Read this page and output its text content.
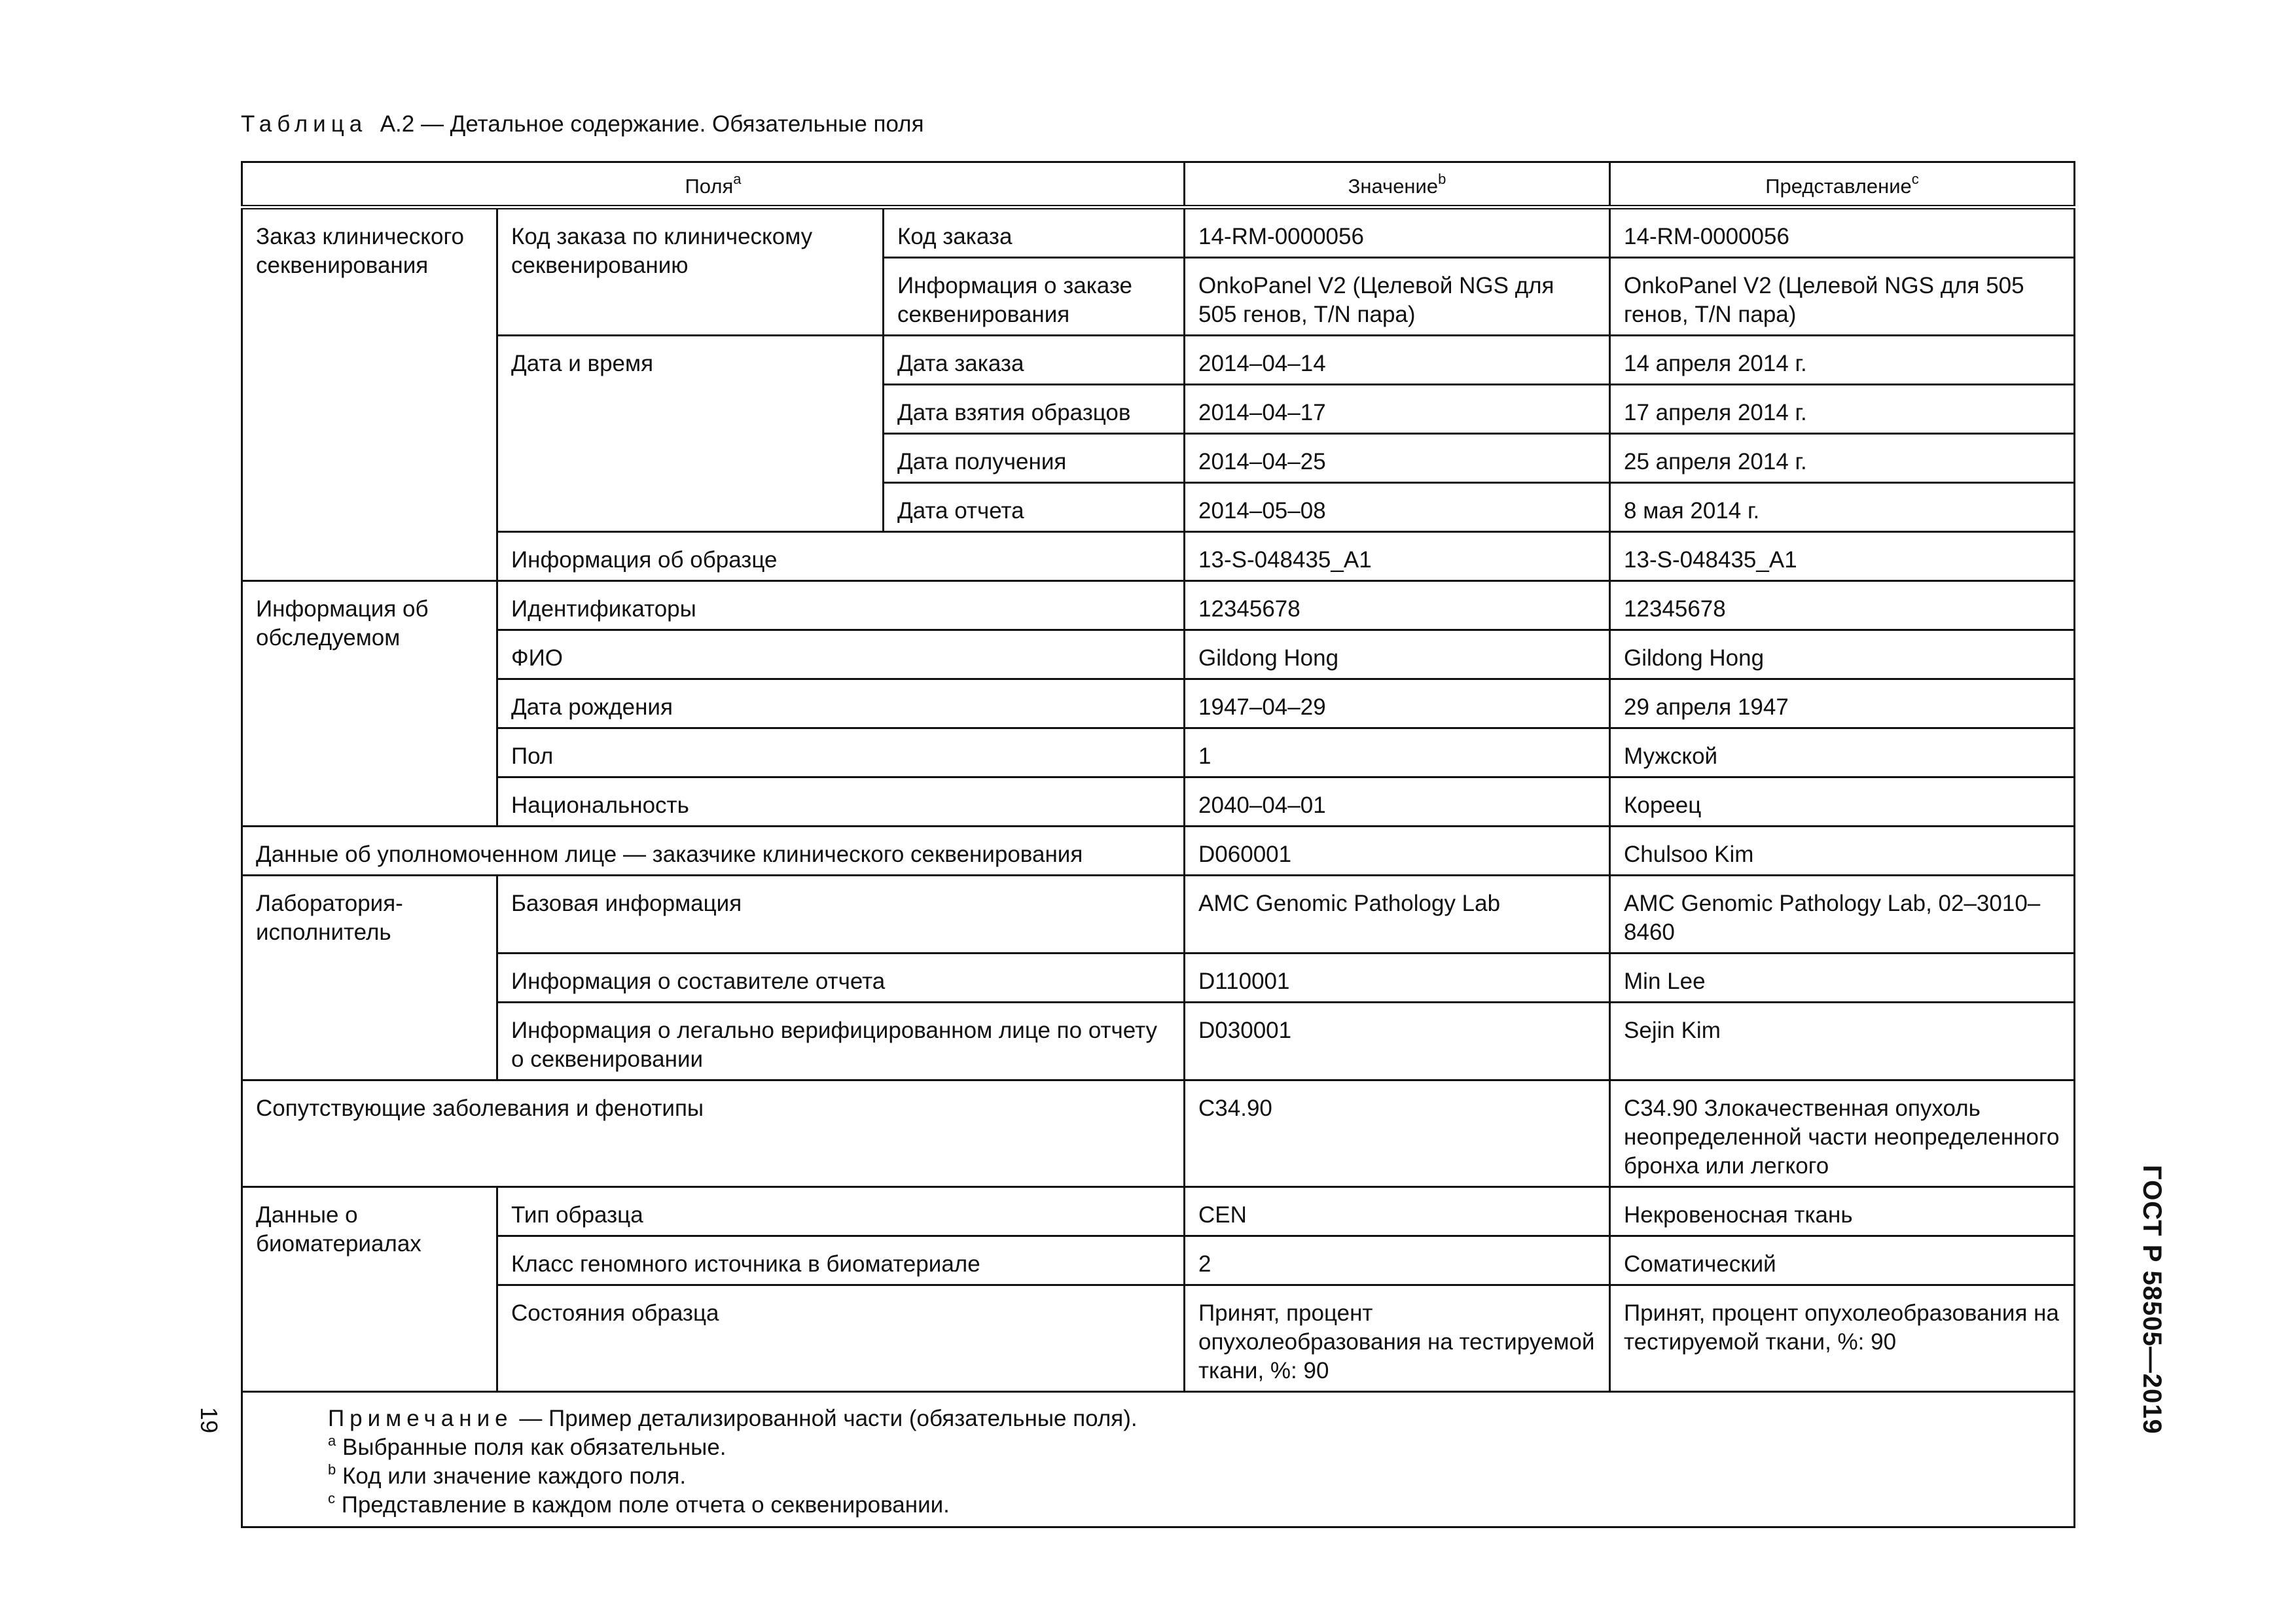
Таблица А.2 — Детальное содержание. Обязательные поля
Поля$^a$			Значение$^b$	Представление$^c$
Заказ клинического секвенирования	Код заказа по клиническому секвенированию	Код заказа	14-RM-0000056	14-RM-0000056
		Информация о заказе секвенирования	OnkoPanel V2 (Целевой NGS для 505 генов, T/N пара)	OnkoPanel V2 (Целевой NGS для 505 генов, T/N пара)
	Дата и время	Дата заказа	2014–04–14	14 апреля 2014 г.
		Дата взятия образцов	2014–04–17	17 апреля 2014 г.
		Дата получения	2014–04–25	25 апреля 2014 г.
		Дата отчета	2014–05–08	8 мая 2014 г.
	Информация об образце		13-S-048435_A1	13-S-048435_A1
Информация об обследуемом	Идентификаторы		12345678	12345678
	ФИО		Gildong Hong	Gildong Hong
	Дата рождения		1947–04–29	29 апреля 1947
	Пол		1	Мужской
	Национальность		2040–04–01	Кореец
Данные об уполномоченном лице — заказчике клинического секвенирования			D060001	Chulsoo Kim
Лаборатория-исполнитель	Базовая информация		AMC Genomic Pathology Lab	AMC Genomic Pathology Lab, 02–3010–8460
	Информация о составителе отчета		D110001	Min Lee
	Информация о легально верифицированном лице по отчету о секвенировании		D030001	Sejin Kim
Сопутствующие заболевания и фенотипы			C34.90	C34.90 Злокачественная опухоль неопределенной части неопределенного бронха или легкого
Данные о биоматериалах	Тип образца		CEN	Некровеносная ткань
	Класс геномного источника в биоматериале		2	Соматический
	Состояния образца		Принят, процент опухолеобразования на тестируемой ткани, %: 90	Принят, процент опухолеобразования на тестируемой ткани, %: 90

Примечание — Пример детализированной части (обязательные поля).
$^a$ Выбранные поля как обязательные.
$^b$ Код или значение каждого поля.
$^c$ Представление в каждом поле отчета о секвенировании.				
ГОСТ Р 58505—2019
19
